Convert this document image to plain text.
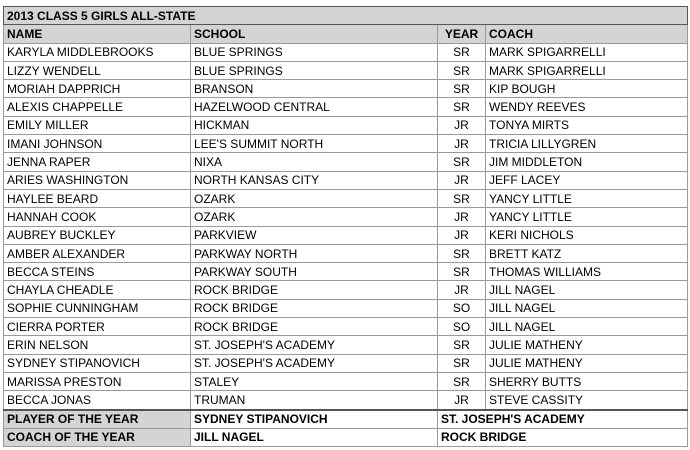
2013 CLASS 5 GIRLS ALL-STATE			
NAME	SCHOOL	YEAR	COACH
KARYLA MIDDLEBROOKS	BLUE SPRINGS	SR	MARK SPIGARRELLI
LIZZY WENDELL	BLUE SPRINGS	SR	MARK SPIGARRELLI
MORIAH DAPPRICH	BRANSON	SR	KIP BOUGH
ALEXIS CHAPPELLE	HAZELWOOD CENTRAL	SR	WENDY REEVES
EMILY MILLER	HICKMAN	JR	TONYA MIRTS
IMANI JOHNSON	LEE'S SUMMIT NORTH	JR	TRICIA LILLYGREN
JENNA RAPER	NIXA	SR	JIM MIDDLETON
ARIES WASHINGTON	NORTH KANSAS CITY	JR	JEFF LACEY
HAYLEE BEARD	OZARK	SR	YANCY LITTLE
HANNAH COOK	OZARK	JR	YANCY LITTLE
AUBREY BUCKLEY	PARKVIEW	JR	KERI NICHOLS
AMBER ALEXANDER	PARKWAY NORTH	SR	BRETT KATZ
BECCA STEINS	PARKWAY SOUTH	SR	THOMAS WILLIAMS
CHAYLA CHEADLE	ROCK BRIDGE	JR	JILL NAGEL
SOPHIE CUNNINGHAM	ROCK BRIDGE	SO	JILL NAGEL
CIERRA PORTER	ROCK BRIDGE	SO	JILL NAGEL
ERIN NELSON	ST. JOSEPH'S ACADEMY	SR	JULIE MATHENY
SYDNEY STIPANOVICH	ST. JOSEPH'S ACADEMY	SR	JULIE MATHENY
MARISSA PRESTON	STALEY	SR	SHERRY BUTTS
BECCA JONAS	TRUMAN	JR	STEVE CASSITY
PLAYER OF THE YEAR	SYDNEY STIPANOVICH	ST. JOSEPH'S ACADEMY	
COACH OF THE YEAR	JILL NAGEL	ROCK BRIDGE	
